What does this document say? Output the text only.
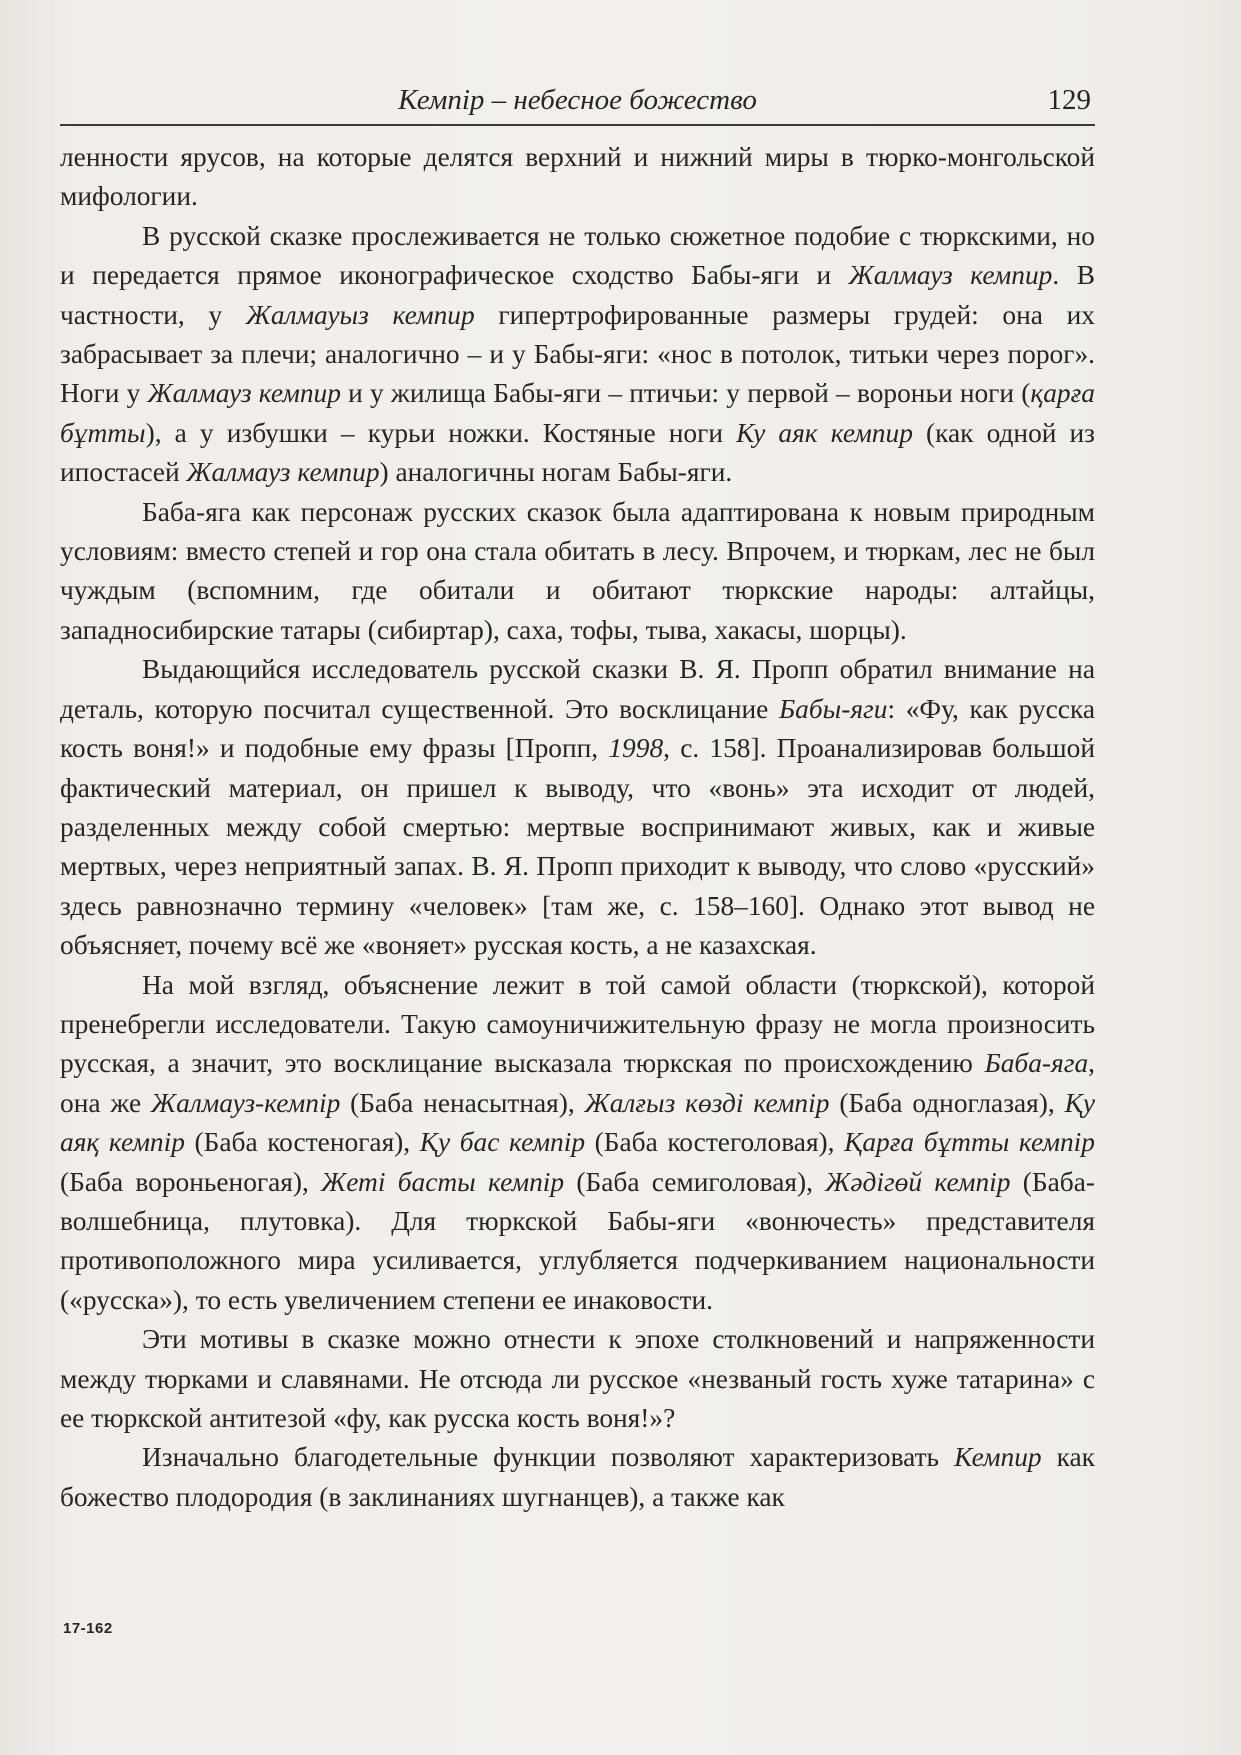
Кемпір – небесное божество	129

ленности ярусов, на которые делятся верхний и нижний миры в тюрко-монгольской мифологии.

В русской сказке прослеживается не только сюжетное подобие с тюркскими, но и передается прямое иконографическое сходство Бабы-яги и Жалмауз кемпир. В частности, у Жалмауыз кемпир гипертрофированные размеры грудей: она их забрасывает за плечи; аналогично – и у Бабы-яги: «нос в потолок, титьки через порог». Ноги у Жалмауз кемпир и у жилища Бабы-яги – птичьи: у первой – вороньи ноги (қарға бұтты), а у избушки – курьи ножки. Костяные ноги Ку аяк кемпир (как одной из ипостасей Жалмауз кемпир) аналогичны ногам Бабы-яги.

Баба-яга как персонаж русских сказок была адаптирована к новым природным условиям: вместо степей и гор она стала обитать в лесу. Впрочем, и тюркам, лес не был чуждым (вспомним, где обитали и обитают тюркские народы: алтайцы, западносибирские татары (сибиртар), саха, тофы, тыва, хакасы, шорцы).

Выдающийся исследователь русской сказки В. Я. Пропп обратил внимание на деталь, которую посчитал существенной. Это восклицание Бабы-яги: «Фу, как русска кость воня!» и подобные ему фразы [Пропп, 1998, с. 158]. Проанализировав большой фактический материал, он пришел к выводу, что «вонь» эта исходит от людей, разделенных между собой смертью: мертвые воспринимают живых, как и живые мертвых, через неприятный запах. В. Я. Пропп приходит к выводу, что слово «русский» здесь равнозначно термину «человек» [там же, с. 158–160]. Однако этот вывод не объясняет, почему всё же «воняет» русская кость, а не казахская.

На мой взгляд, объяснение лежит в той самой области (тюркской), которой пренебрегли исследователи. Такую самоуничижительную фразу не могла произносить русская, а значит, это восклицание высказала тюркская по происхождению Баба-яга, она же Жалмауз-кемпір (Баба ненасытная), Жалғыз көзді кемпір (Баба одноглазая), Қу аяқ кемпір (Баба костеногая), Қу бас кемпір (Баба костеголовая), Қарға бұтты кемпір (Баба вороньеногая), Жеті басты кемпір (Баба семиголовая), Жәдігөй кемпір (Баба-волшебница, плутовка). Для тюркской Бабы-яги «вонючесть» представителя противоположного мира усиливается, углубляется подчеркиванием национальности («русска»), то есть увеличением степени ее инаковости.

Эти мотивы в сказке можно отнести к эпохе столкновений и напряженности между тюрками и славянами. Не отсюда ли русское «незваный гость хуже татарина» с ее тюркской антитезой «фу, как русска кость воня!»?

Изначально благодетельные функции позволяют характеризовать Кемпир как божество плодородия (в заклинаниях шугнанцев), а также как

17-162
